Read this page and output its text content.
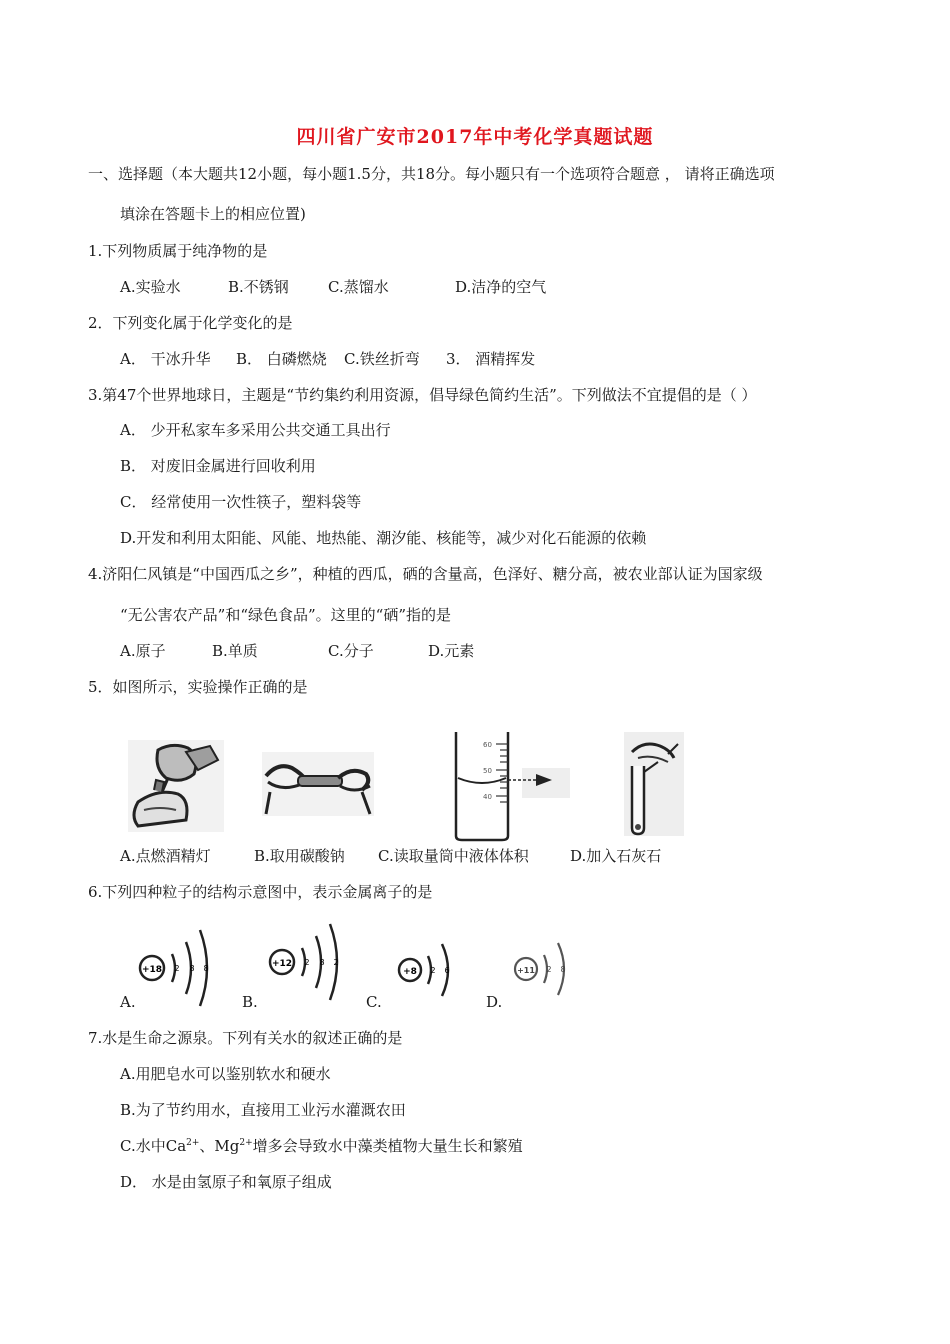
四川省广安市2017年中考化学真题试题
一、选择题（本大题共12小题，每小题1.5分，共18分。每小题只有一个选项符合题意 ， 请将正确选项
填涂在答题卡上的相应位置)
1.下列物质属于纯净物的是
A.实验水	B.不锈钢	C.蒸馏水	D.洁净的空气
2．下列变化属于化学变化的是
A． 干冰升华 B． 白磷燃烧 C.铁丝折弯 3． 酒精挥发
3.第47个世界地球日，主题是“节约集约利用资源，倡导绿色简约生活”。下列做法不宜提倡的是（ ）
A． 少开私家车多采用公共交通工具出行
B． 对废旧金属进行回收利用
C． 经常使用一次性筷子，塑料袋等
D.开发和利用太阳能、风能、地热能、潮汐能、核能等，减少对化石能源的依赖
4.济阳仁风镇是“中国西瓜之乡”，种植的西瓜，硒的含量高，色泽好、糖分高，被农业部认证为国家级
“无公害农产品”和“绿色食品”。这里的“硒”指的是
A.原子	B.单质	C.分子	D.元素
5．如图所示，实验操作正确的是
60
50
40
A.点燃酒精灯	B.取用碳酸钠 C.读取量筒中液体体积	D.加入石灰石
6.下列四种粒子的结构示意图中，表示金属离子的是
+18 2 8 8	+12 2 8 2
+8 2 6	+11 2 8
A.	B.	C.	D.
7.水是生命之源泉。下列有关水的叙述正确的是
A.用肥皂水可以鉴别软水和硬水
B.为了节约用水，直接用工业污水灌溉农田
C.水中$Ca^{2+}$、$Mg^{2+}$增多会导致水中藻类植物大量生长和繁殖
D． 水是由氢原子和氧原子组成
